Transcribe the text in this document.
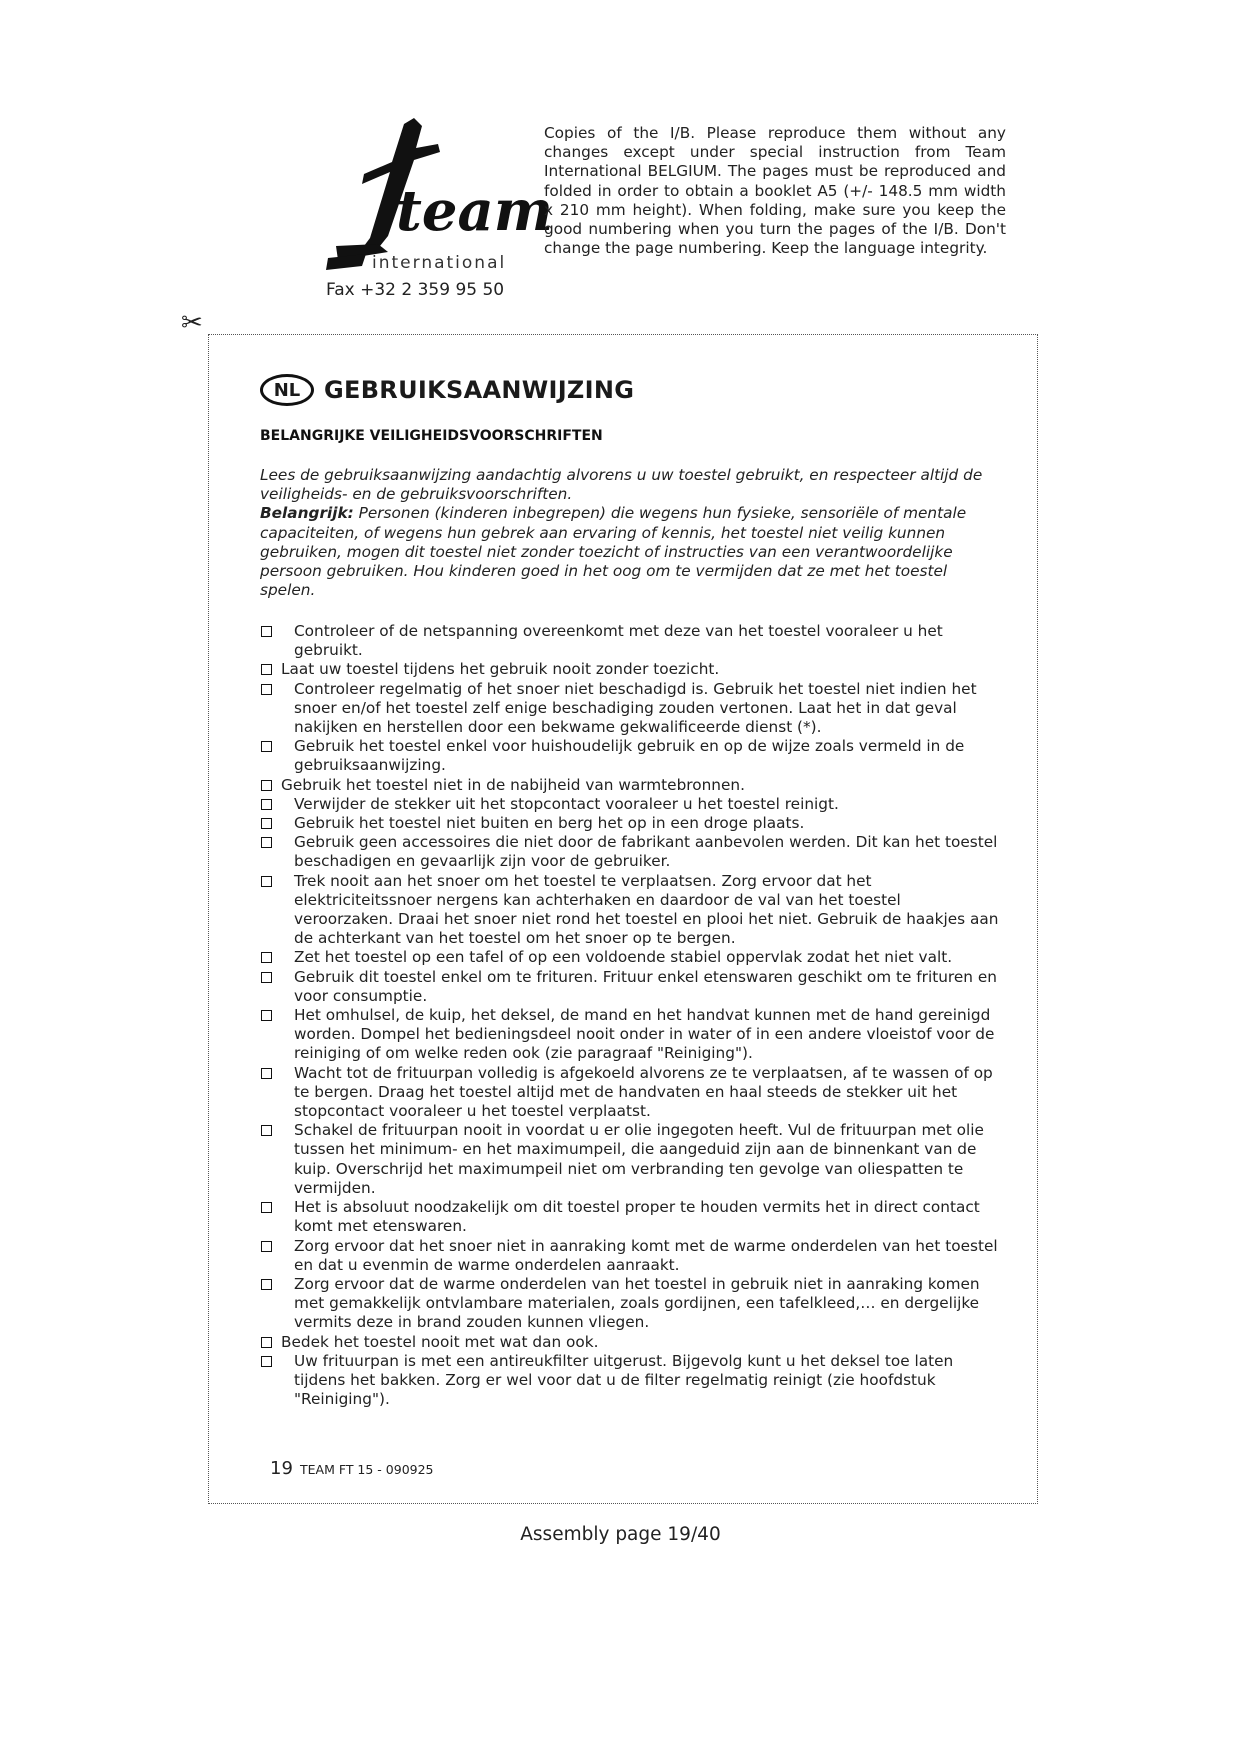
team
international
Fax +32 2 359 95 50
Copies of the I/B. Please reproduce them without any changes except under special instruction from Team International BELGIUM. The pages must be reproduced and folded in order to obtain a booklet A5 (+/- 148.5 mm width x 210 mm height). When folding, make sure you keep the good numbering when you turn the pages of the I/B. Don't change the page numbering. Keep the language integrity.
✂
NL GEBRUIKSAANWIJZING
BELANGRIJKE VEILIGHEIDSVOORSCHRIFTEN

Lees de gebruiksaanwijzing aandachtig alvorens u uw toestel gebruikt, en respecteer altijd de veiligheids- en de gebruiksvoorschriften.

Belangrijk: Personen (kinderen inbegrepen) die wegens hun fysieke, sensoriële of mentale capaciteiten, of wegens hun gebrek aan ervaring of kennis, het toestel niet veilig kunnen gebruiken, mogen dit toestel niet zonder toezicht of instructies van een verantwoordelijke persoon gebruiken. Hou kinderen goed in het oog om te vermijden dat ze met het toestel spelen.

Controleer of de netspanning overeenkomt met deze van het toestel vooraleer u het gebruikt.
Laat uw toestel tijdens het gebruik nooit zonder toezicht.
Controleer regelmatig of het snoer niet beschadigd is. Gebruik het toestel niet indien het snoer en/of het toestel zelf enige beschadiging zouden vertonen. Laat het in dat geval nakijken en herstellen door een bekwame gekwalificeerde dienst (*).
Gebruik het toestel enkel voor huishoudelijk gebruik en op de wijze zoals vermeld in de gebruiksaanwijzing.
Gebruik het toestel niet in de nabijheid van warmtebronnen.
Verwijder de stekker uit het stopcontact vooraleer u het toestel reinigt.
Gebruik het toestel niet buiten en berg het op in een droge plaats.
Gebruik geen accessoires die niet door de fabrikant aanbevolen werden. Dit kan het toestel beschadigen en gevaarlijk zijn voor de gebruiker.
Trek nooit aan het snoer om het toestel te verplaatsen. Zorg ervoor dat het elektriciteitssnoer nergens kan achterhaken en daardoor de val van het toestel veroorzaken. Draai het snoer niet rond het toestel en plooi het niet. Gebruik de haakjes aan de achterkant van het toestel om het snoer op te bergen.
Zet het toestel op een tafel of op een voldoende stabiel oppervlak zodat het niet valt.
Gebruik dit toestel enkel om te frituren. Frituur enkel etenswaren geschikt om te frituren en voor consumptie.
Het omhulsel, de kuip, het deksel, de mand en het handvat kunnen met de hand gereinigd worden. Dompel het bedieningsdeel nooit onder in water of in een andere vloeistof voor de reiniging of om welke reden ook (zie paragraaf "Reiniging").
Wacht tot de frituurpan volledig is afgekoeld alvorens ze te verplaatsen, af te wassen of op te bergen. Draag het toestel altijd met de handvaten en haal steeds de stekker uit het stopcontact vooraleer u het toestel verplaatst.
Schakel de frituurpan nooit in voordat u er olie ingegoten heeft. Vul de frituurpan met olie tussen het minimum- en het maximumpeil, die aangeduid zijn aan de binnenkant van de kuip. Overschrijd het maximumpeil niet om verbranding ten gevolge van oliespatten te vermijden.
Het is absoluut noodzakelijk om dit toestel proper te houden vermits het in direct contact komt met etenswaren.
Zorg ervoor dat het snoer niet in aanraking komt met de warme onderdelen van het toestel en dat u evenmin de warme onderdelen aanraakt.
Zorg ervoor dat de warme onderdelen van het toestel in gebruik niet in aanraking komen met gemakkelijk ontvlambare materialen, zoals gordijnen, een tafelkleed,… en dergelijke vermits deze in brand zouden kunnen vliegen.
Bedek het toestel nooit met wat dan ook.
Uw frituurpan is met een antireukfilter uitgerust. Bijgevolg kunt u het deksel toe laten tijdens het bakken. Zorg er wel voor dat u de filter regelmatig reinigt (zie hoofdstuk "Reiniging").
19 TEAM FT 15 - 090925
Assembly page 19/40
